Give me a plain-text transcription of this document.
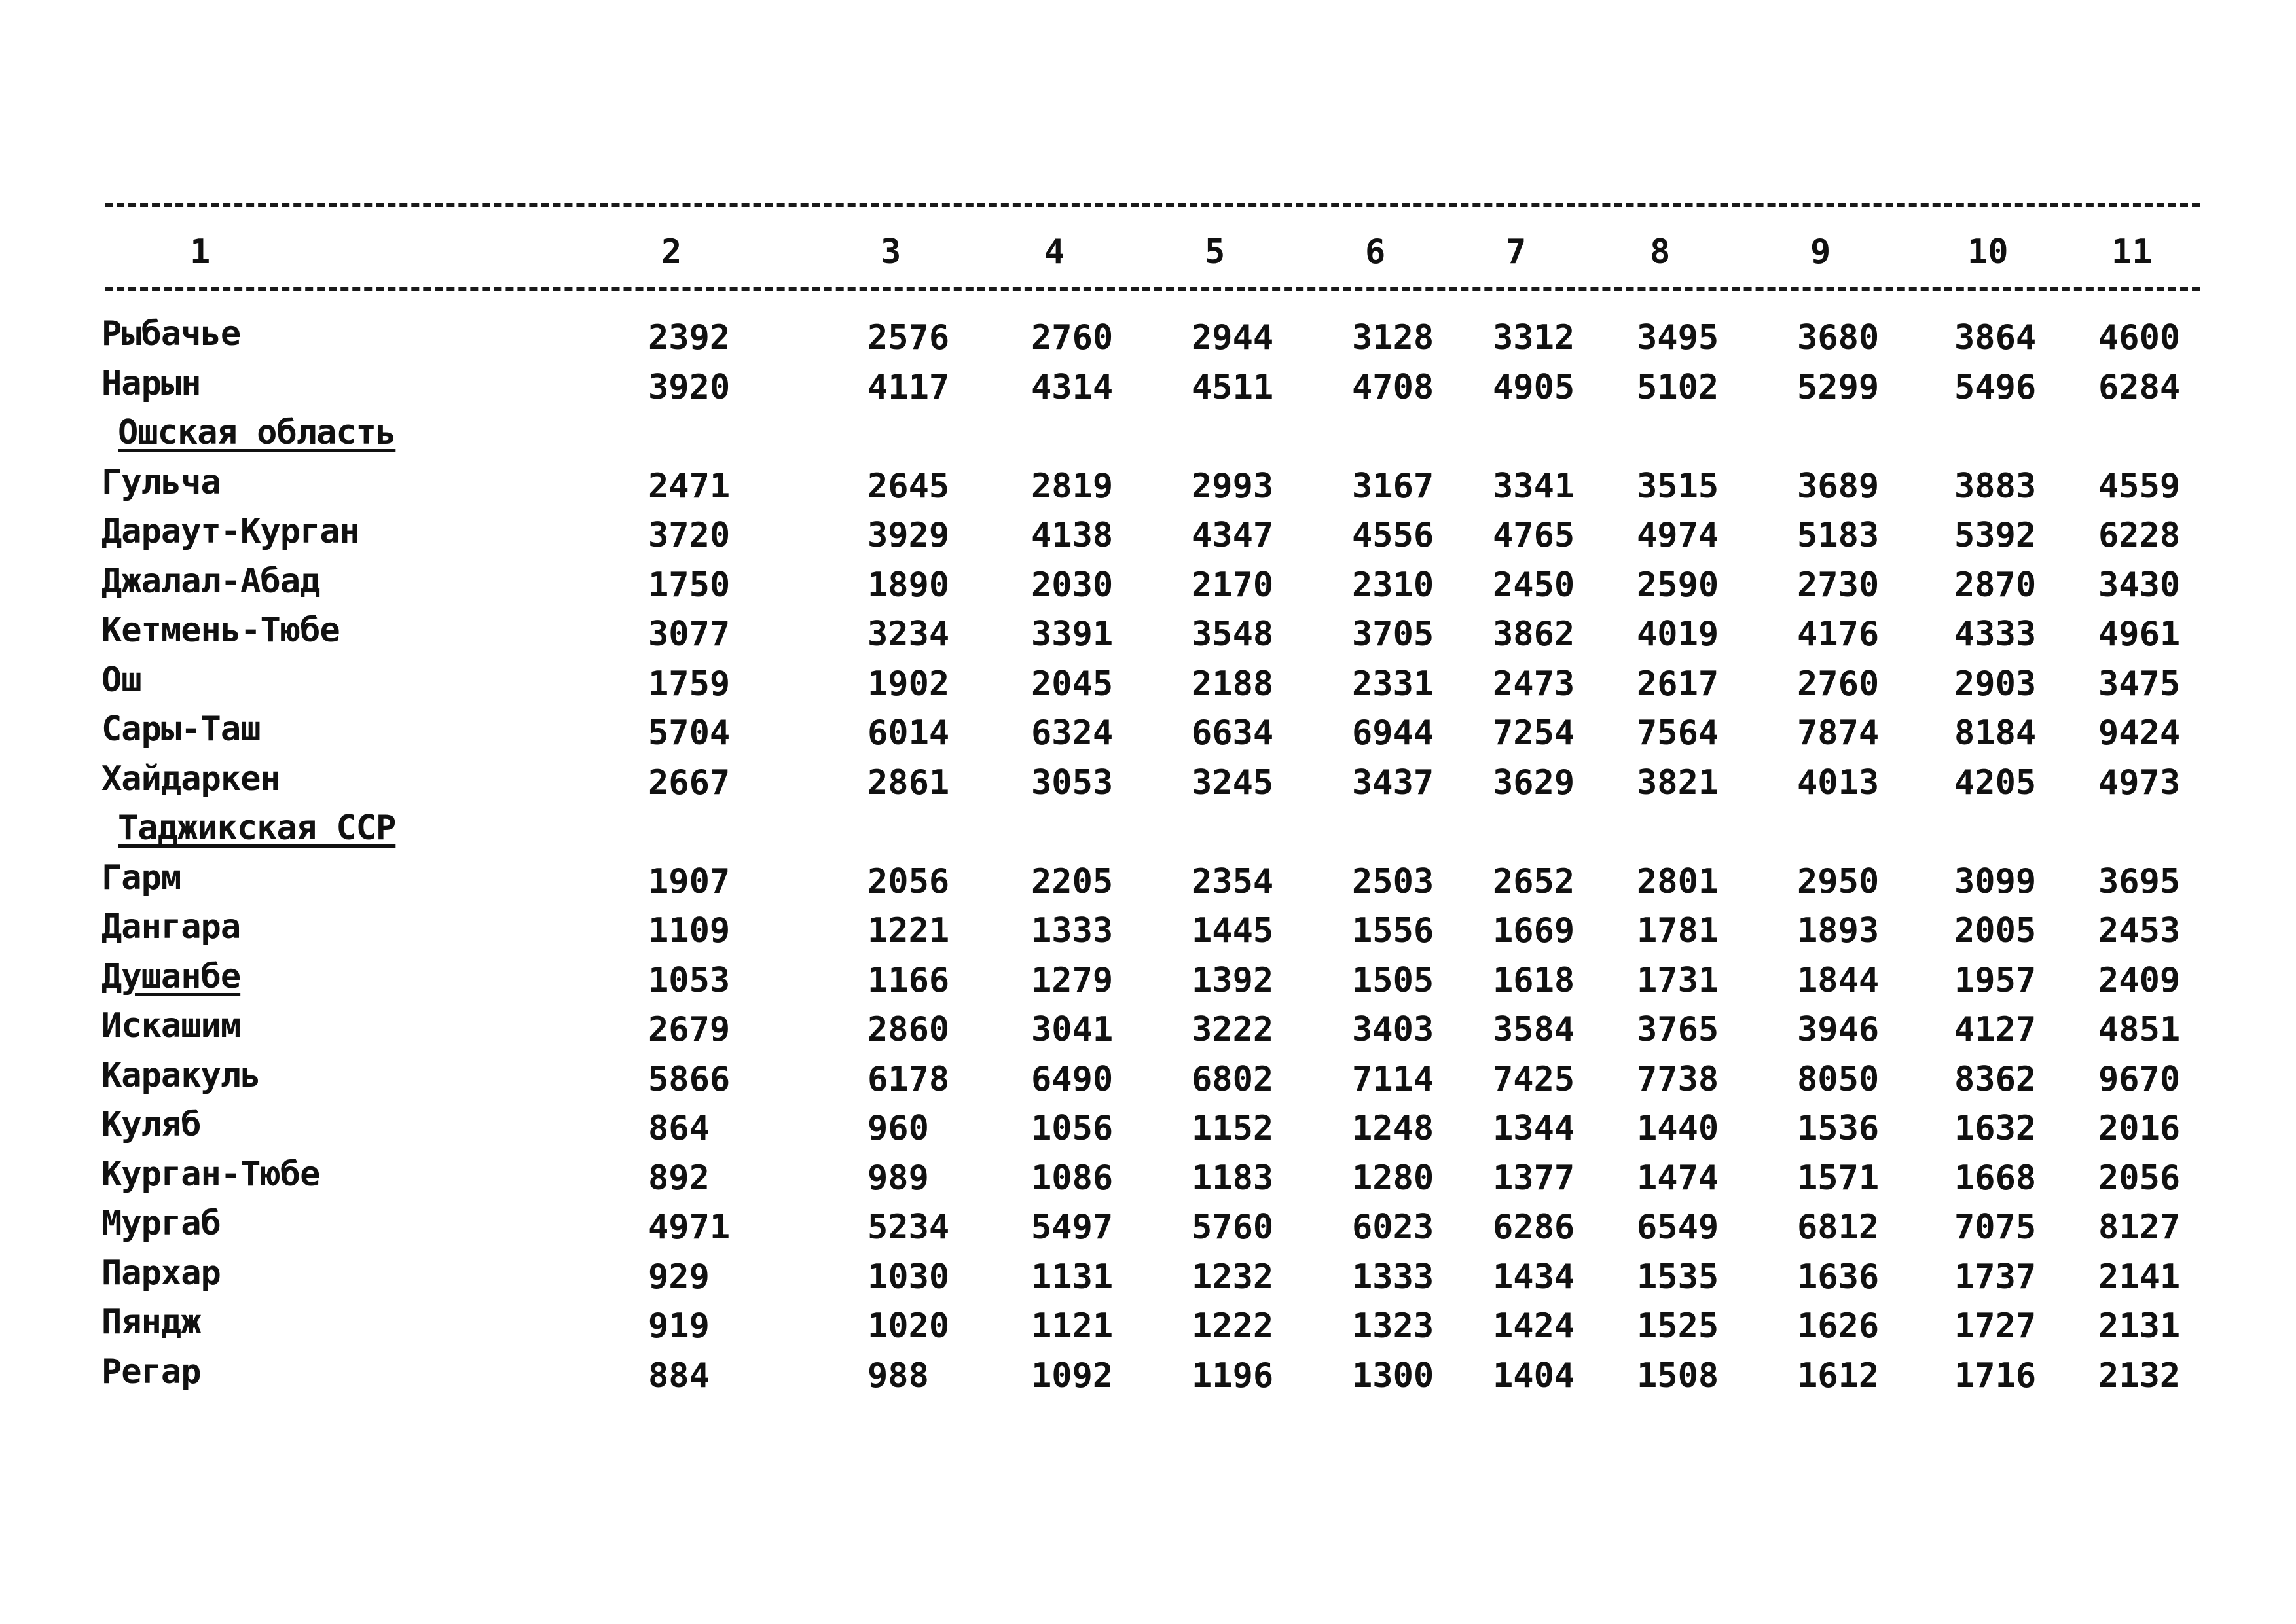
1	2	3	4	5	6	7	8	9	10	11
Рыбачье	2392	2576 2760 2944 3128 3312 3495 3680 3864 4600
Нарын	3920	4117 4314 4511 4708 4905 5102 5299 5496 6284
Ошская область
Гульча	2471	2645 2819 2993 3167 3341 3515 3689 3883 4559
Дараут-Курган	3720	3929 4138 4347 4556 4765 4974 5183 5392 6228
Джалал-Абад	1750	1890 2030 2170 2310 2450 2590 2730 2870 3430
Кетмень-Тюбе	3077	3234 3391 3548 3705 3862 4019 4176 4333 4961
Ош	1759	1902 2045 2188 2331 2473 2617 2760 2903 3475
Сары-Таш	5704	6014 6324 6634 6944 7254 7564 7874 8184 9424
Хайдаркен	2667	2861 3053 3245 3437 3629 3821 4013 4205 4973
Таджикская ССР
Гарм	1907	2056 2205 2354 2503 2652 2801 2950 3099 3695
Дангара	1109	1221 1333 1445 1556 1669 1781 1893 2005 2453
Душанбе	1053	1166 1279 1392 1505 1618 1731 1844 1957 2409
Искашим	2679	2860 3041 3222 3403 3584 3765 3946 4127 4851
Каракуль	5866	6178 6490 6802 7114 7425 7738 8050 8362 9670
Куляб	864	960	1056 1152 1248 1344 1440 1536 1632 2016
Курган-Тюбе	892	989	1086 1183 1280 1377 1474 1571 1668 2056
Мургаб	4971	5234 5497 5760 6023 6286 6549 6812 7075 8127
Пархар	929	1030 1131 1232 1333 1434 1535 1636 1737 2141
Пяндж	919	1020 1121 1222 1323 1424 1525 1626 1727 2131
Регар	884	988	1092 1196 1300 1404 1508 1612 1716 2132
